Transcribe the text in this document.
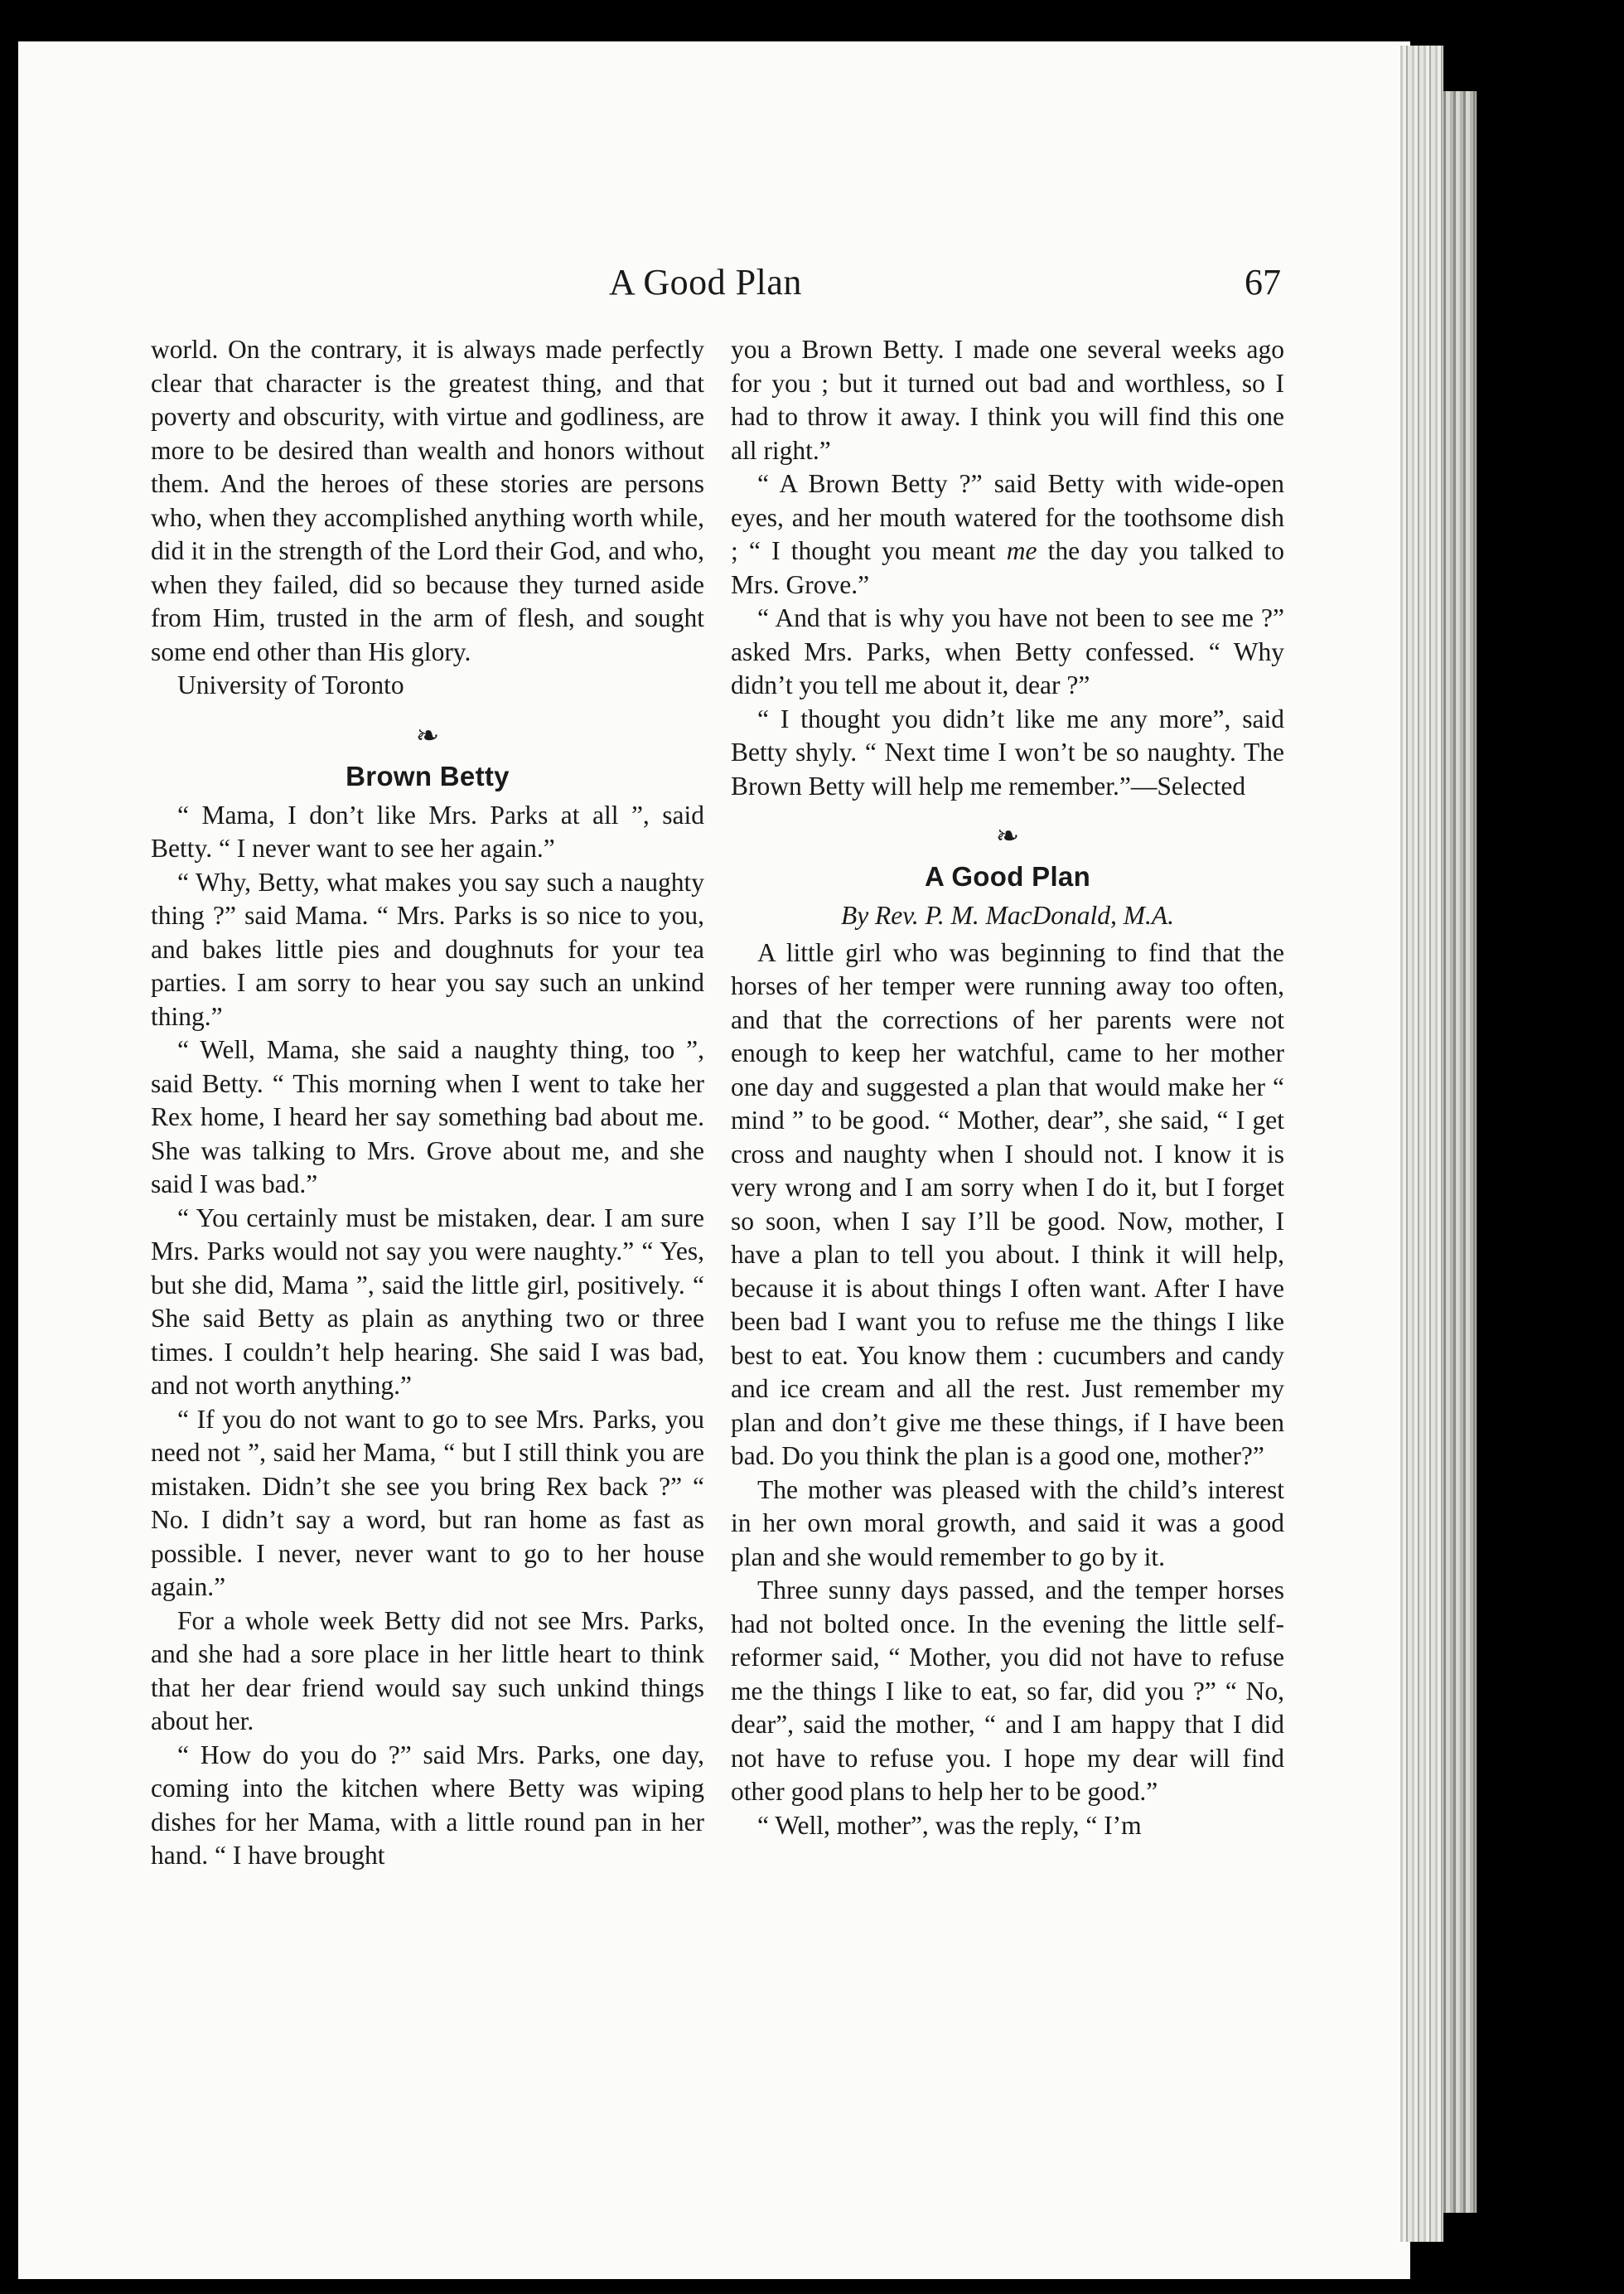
A Good Plan	67

world. On the contrary, it is always made perfectly clear that character is the greatest thing, and that poverty and obscurity, with virtue and godliness, are more to be desired than wealth and honors without them. And the heroes of these stories are persons who, when they accomplished anything worth while, did it in the strength of the Lord their God, and who, when they failed, did so because they turned aside from Him, trusted in the arm of flesh, and sought some end other than His glory.

University of Toronto

❧
Brown Betty

“ Mama, I don’t like Mrs. Parks at all ”, said Betty. “ I never want to see her again.”

“ Why, Betty, what makes you say such a naughty thing ?” said Mama. “ Mrs. Parks is so nice to you, and bakes little pies and doughnuts for your tea parties. I am sorry to hear you say such an unkind thing.”

“ Well, Mama, she said a naughty thing, too ”, said Betty. “ This morning when I went to take her Rex home, I heard her say something bad about me. She was talking to Mrs. Grove about me, and she said I was bad.”

“ You certainly must be mistaken, dear. I am sure Mrs. Parks would not say you were naughty.” “ Yes, but she did, Mama ”, said the little girl, positively. “ She said Betty as plain as anything two or three times. I couldn’t help hearing. She said I was bad, and not worth anything.”

“ If you do not want to go to see Mrs. Parks, you need not ”, said her Mama, “ but I still think you are mistaken. Didn’t she see you bring Rex back ?” “ No. I didn’t say a word, but ran home as fast as possible. I never, never want to go to her house again.”

For a whole week Betty did not see Mrs. Parks, and she had a sore place in her little heart to think that her dear friend would say such unkind things about her.

“ How do you do ?” said Mrs. Parks, one day, coming into the kitchen where Betty was wiping dishes for her Mama, with a little round pan in her hand. “ I have brought

you a Brown Betty. I made one several weeks ago for you ; but it turned out bad and worthless, so I had to throw it away. I think you will find this one all right.”

“ A Brown Betty ?” said Betty with wide-open eyes, and her mouth watered for the toothsome dish ; “ I thought you meant me the day you talked to Mrs. Grove.”

“ And that is why you have not been to see me ?” asked Mrs. Parks, when Betty confessed. “ Why didn’t you tell me about it, dear ?”

“ I thought you didn’t like me any more”, said Betty shyly. “ Next time I won’t be so naughty. The Brown Betty will help me remember.”—Selected

❧
A Good Plan
By Rev. P. M. MacDonald, M.A.

A little girl who was beginning to find that the horses of her temper were running away too often, and that the corrections of her parents were not enough to keep her watchful, came to her mother one day and suggested a plan that would make her “ mind ” to be good. “ Mother, dear”, she said, “ I get cross and naughty when I should not. I know it is very wrong and I am sorry when I do it, but I forget so soon, when I say I’ll be good. Now, mother, I have a plan to tell you about. I think it will help, because it is about things I often want. After I have been bad I want you to refuse me the things I like best to eat. You know them : cucumbers and candy and ice cream and all the rest. Just remember my plan and don’t give me these things, if I have been bad. Do you think the plan is a good one, mother?”

The mother was pleased with the child’s interest in her own moral growth, and said it was a good plan and she would remember to go by it.

Three sunny days passed, and the temper horses had not bolted once. In the evening the little self-reformer said, “ Mother, you did not have to refuse me the things I like to eat, so far, did you ?” “ No, dear”, said the mother, “ and I am happy that I did not have to refuse you. I hope my dear will find other good plans to help her to be good.”

“ Well, mother”, was the reply, “ I’m
